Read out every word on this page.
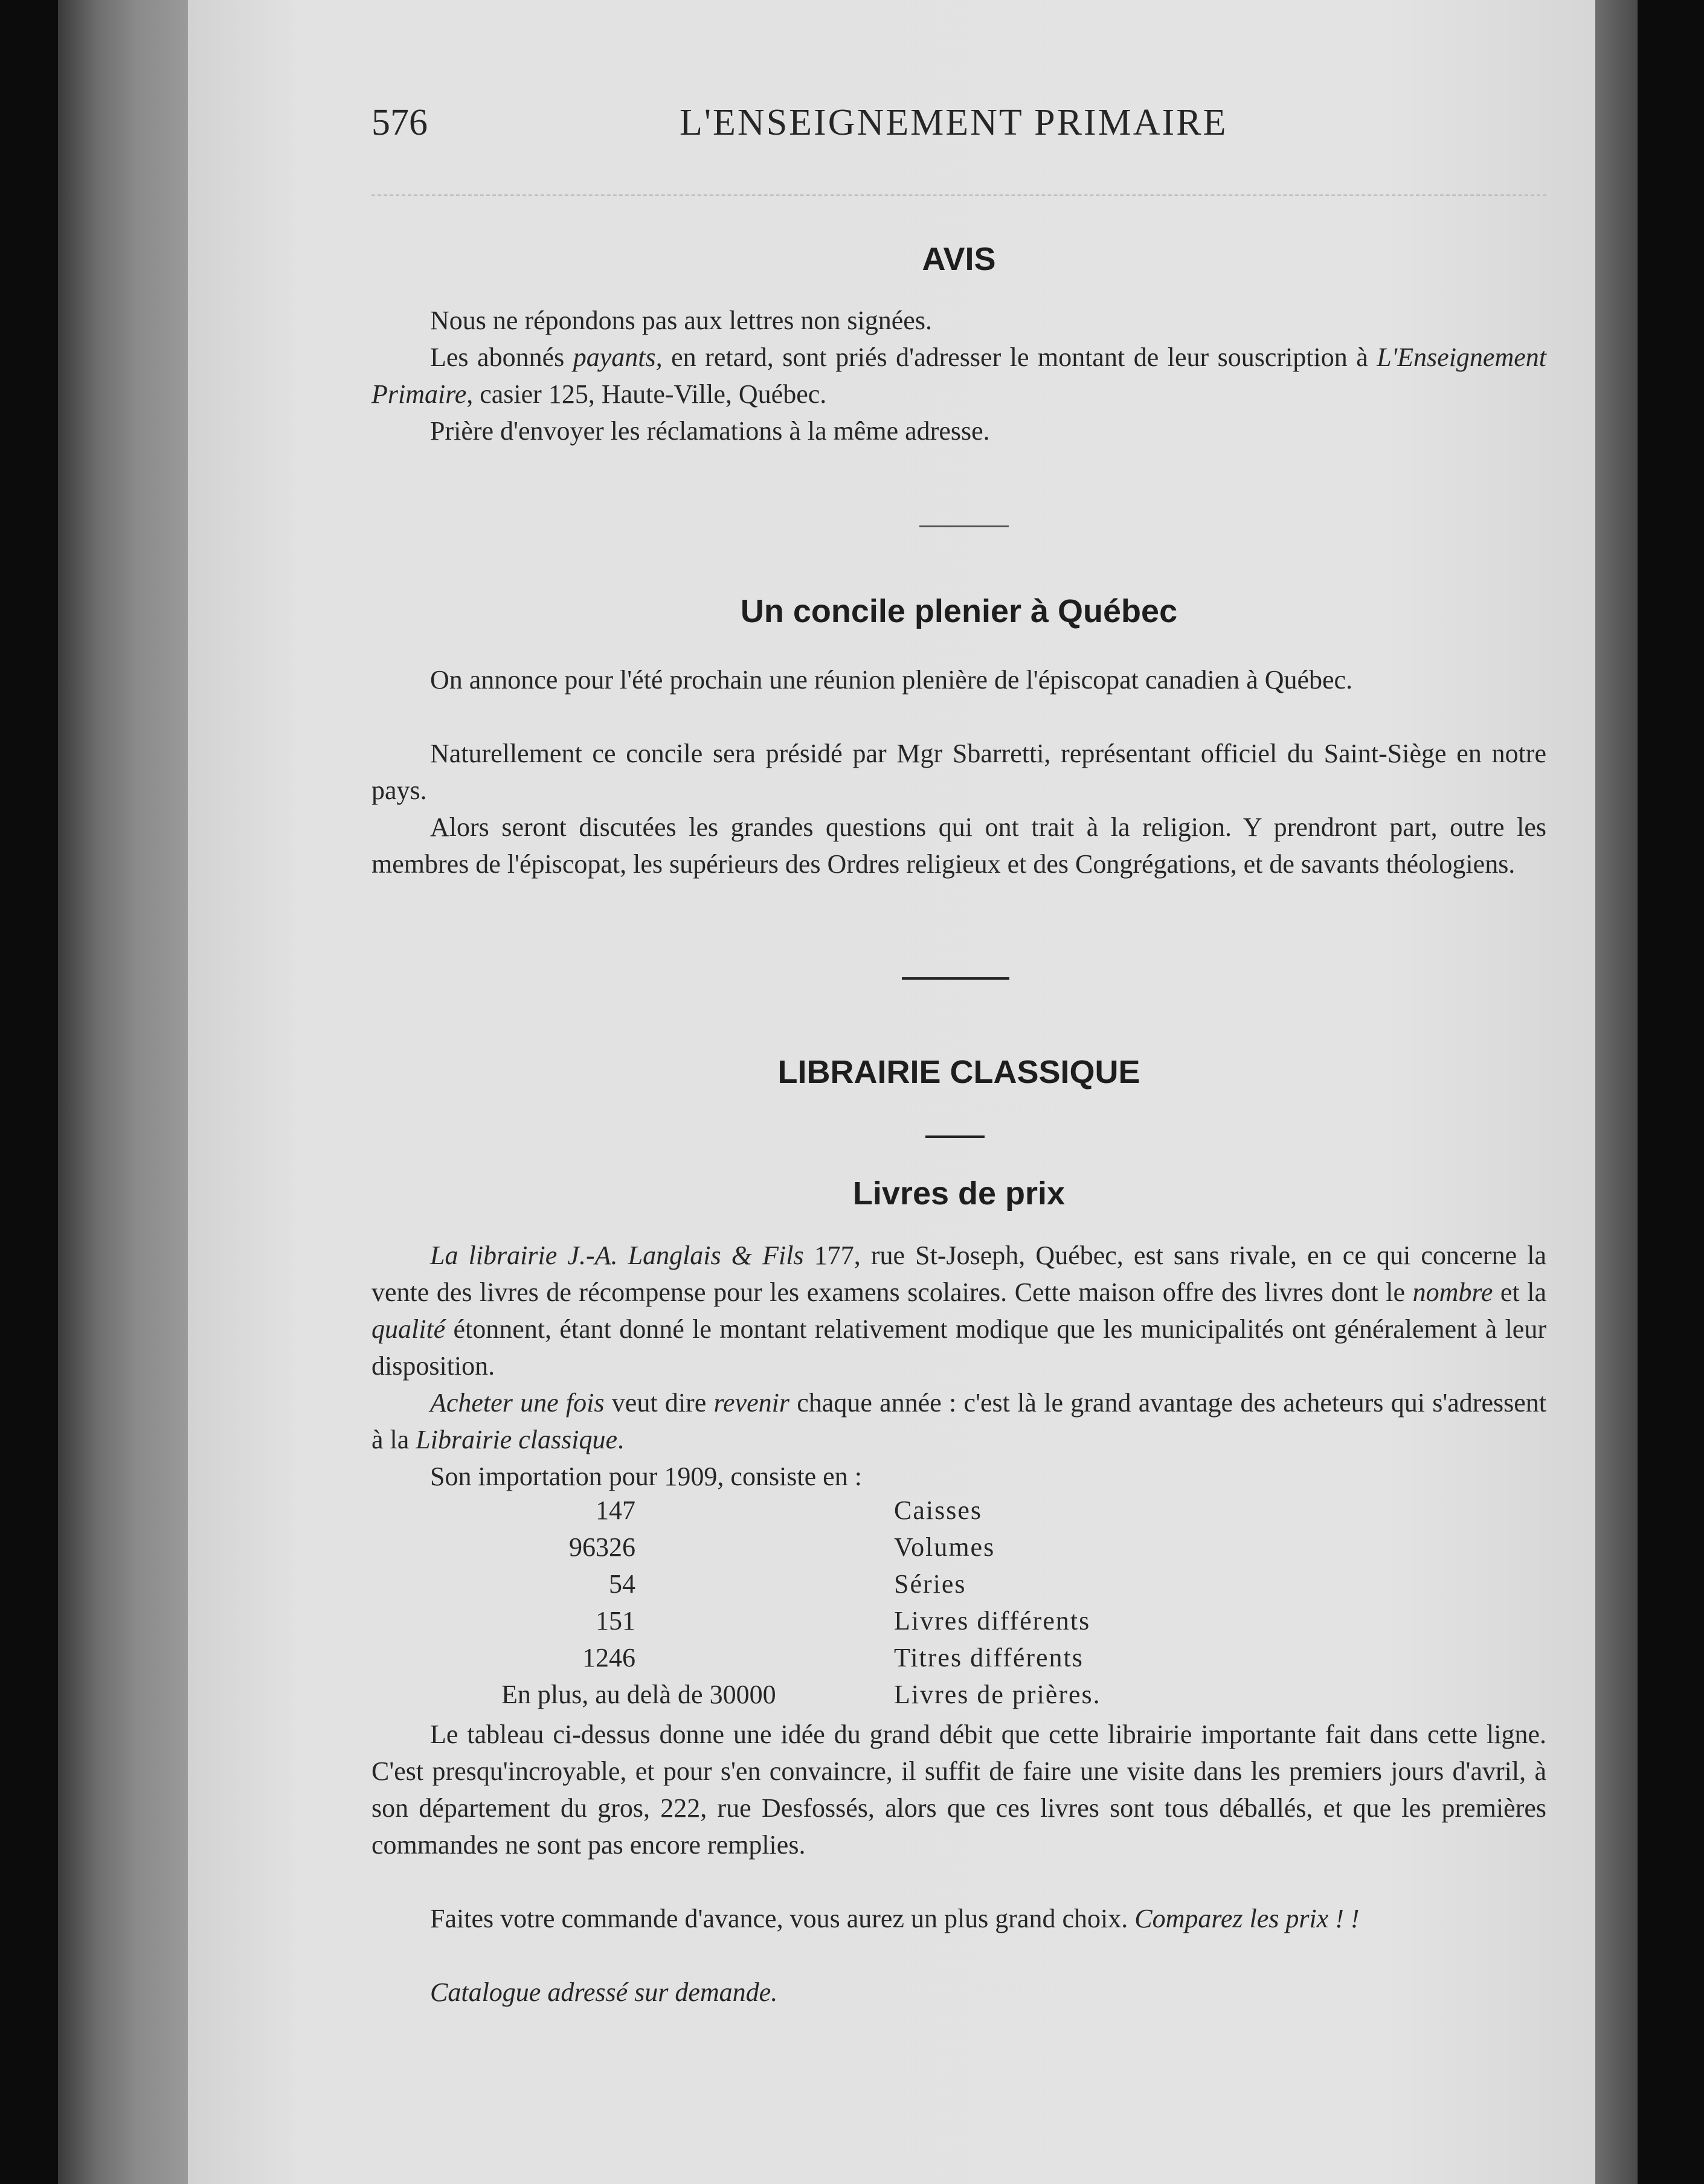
576	L'ENSEIGNEMENT PRIMAIRE
AVIS

Nous ne répondons pas aux lettres non signées.

Les abonnés payants, en retard, sont priés d'adresser le montant de leur souscription à L'Enseignement Primaire, casier 125, Haute-Ville, Québec.

Prière d'envoyer les réclamations à la même adresse.

Un concile plenier à Québec

On annonce pour l'été prochain une réunion plenière de l'épiscopat canadien à Québec.

Naturellement ce concile sera présidé par Mgr Sbarretti, représentant officiel du Saint-Siège en notre pays.

Alors seront discutées les grandes questions qui ont trait à la religion. Y prendront part, outre les membres de l'épiscopat, les supérieurs des Ordres religieux et des Congrégations, et de savants théologiens.

LIBRAIRIE CLASSIQUE
Livres de prix

La librairie J.-A. Langlais & Fils 177, rue St-Joseph, Québec, est sans rivale, en ce qui concerne la vente des livres de récompense pour les examens scolaires. Cette maison offre des livres dont le nombre et la qualité étonnent, étant donné le montant relativement modique que les municipalités ont généralement à leur disposition.

Acheter une fois veut dire revenir chaque année : c'est là le grand avantage des acheteurs qui s'adressent à la Librairie classique.

Son importation pour 1909, consiste en :

147	Caisses
96326	Volumes
54	Séries
151	Livres différents
1246	Titres différents
En plus, au delà de 30000	Livres de prières.

Le tableau ci-dessus donne une idée du grand débit que cette librairie importante fait dans cette ligne. C'est presqu'incroyable, et pour s'en convaincre, il suffit de faire une visite dans les premiers jours d'avril, à son département du gros, 222, rue Desfossés, alors que ces livres sont tous déballés, et que les premières commandes ne sont pas encore remplies.

Faites votre commande d'avance, vous aurez un plus grand choix. Comparez les prix ! !

Catalogue adressé sur demande.
